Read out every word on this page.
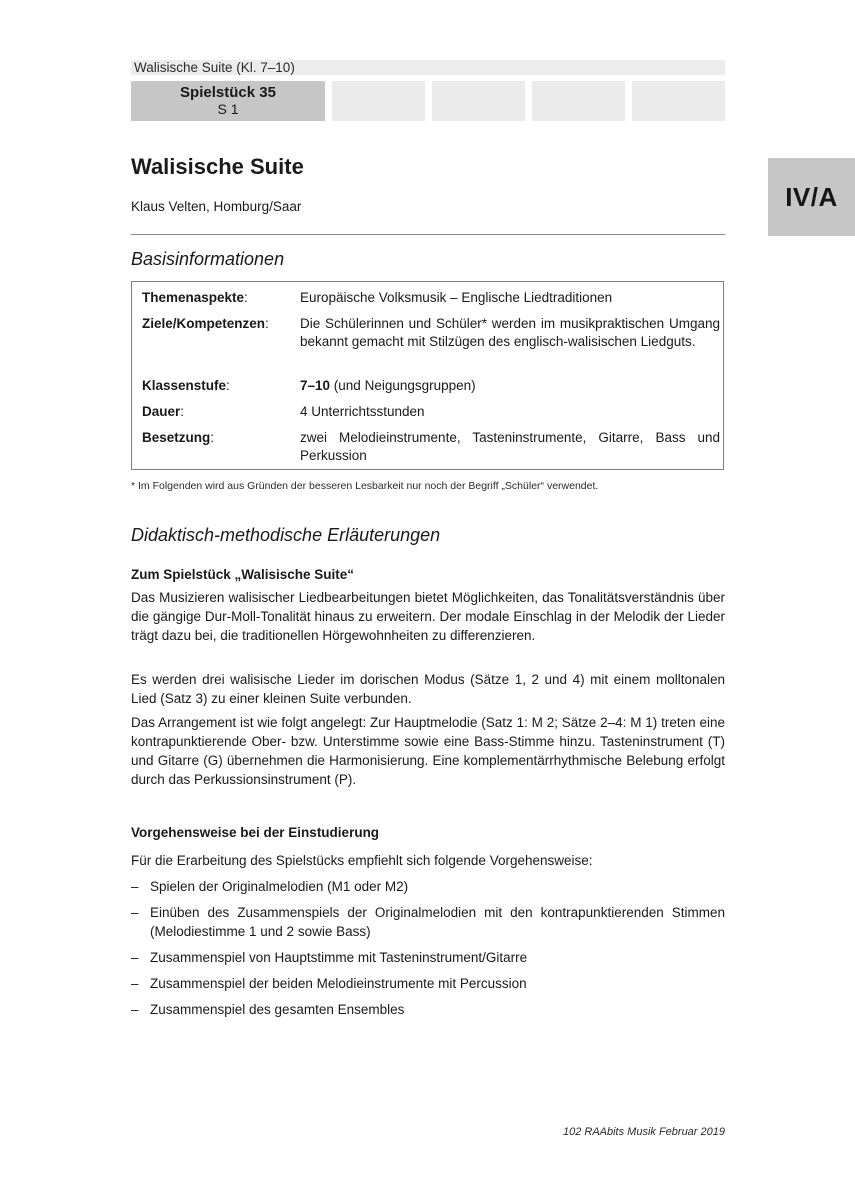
Walisische Suite (Kl. 7–10)
Spielstück 35
S 1
IV/A
Walisische Suite
Klaus Velten, Homburg/Saar
Basisinformationen
Themenaspekte:	Europäische Volksmusik – Englische Liedtraditionen
Ziele/Kompetenzen:	Die Schülerinnen und Schüler* werden im musikpraktischen Umgang bekannt gemacht mit Stilzügen des englisch-walisischen Liedguts.
Klassenstufe:	7–10 (und Neigungsgruppen)
Dauer:	4 Unterrichtsstunden
Besetzung:	zwei Melodieinstrumente, Tasteninstrumente, Gitarre, Bass und Perkussion
* Im Folgenden wird aus Gründen der besseren Lesbarkeit nur noch der Begriff „Schüler“ verwendet.
Didaktisch-methodische Erläuterungen
Zum Spielstück „Walisische Suite“

Das Musizieren walisischer Liedbearbeitungen bietet Möglichkeiten, das Tonalitätsverständnis über die gängige Dur-Moll-Tonalität hinaus zu erweitern. Der modale Einschlag in der Melodik der Lieder trägt dazu bei, die traditionellen Hörgewohnheiten zu differenzieren.

Es werden drei walisische Lieder im dorischen Modus (Sätze 1, 2 und 4) mit einem molltonalen Lied (Satz 3) zu einer kleinen Suite verbunden.

Das Arrangement ist wie folgt angelegt: Zur Hauptmelodie (Satz 1: M 2; Sätze 2–4: M 1) treten eine kontrapunktierende Ober- bzw. Unterstimme sowie eine Bass-Stimme hinzu. Tasteninstrument (T) und Gitarre (G) übernehmen die Harmonisierung. Eine komplementärrhythmische Belebung erfolgt durch das Perkussionsinstrument (P).

Vorgehensweise bei der Einstudierung

Für die Erarbeitung des Spielstücks empfiehlt sich folgende Vorgehensweise:

– Spielen der Originalmelodien (M1 oder M2)
– Einüben des Zusammenspiels der Originalmelodien mit den kontrapunktierenden Stimmen (Melodiestimme 1 und 2 sowie Bass)
– Zusammenspiel von Hauptstimme mit Tasteninstrument/Gitarre
– Zusammenspiel der beiden Melodieinstrumente mit Percussion
– Zusammenspiel des gesamten Ensembles
102 RAAbits Musik Februar 2019
